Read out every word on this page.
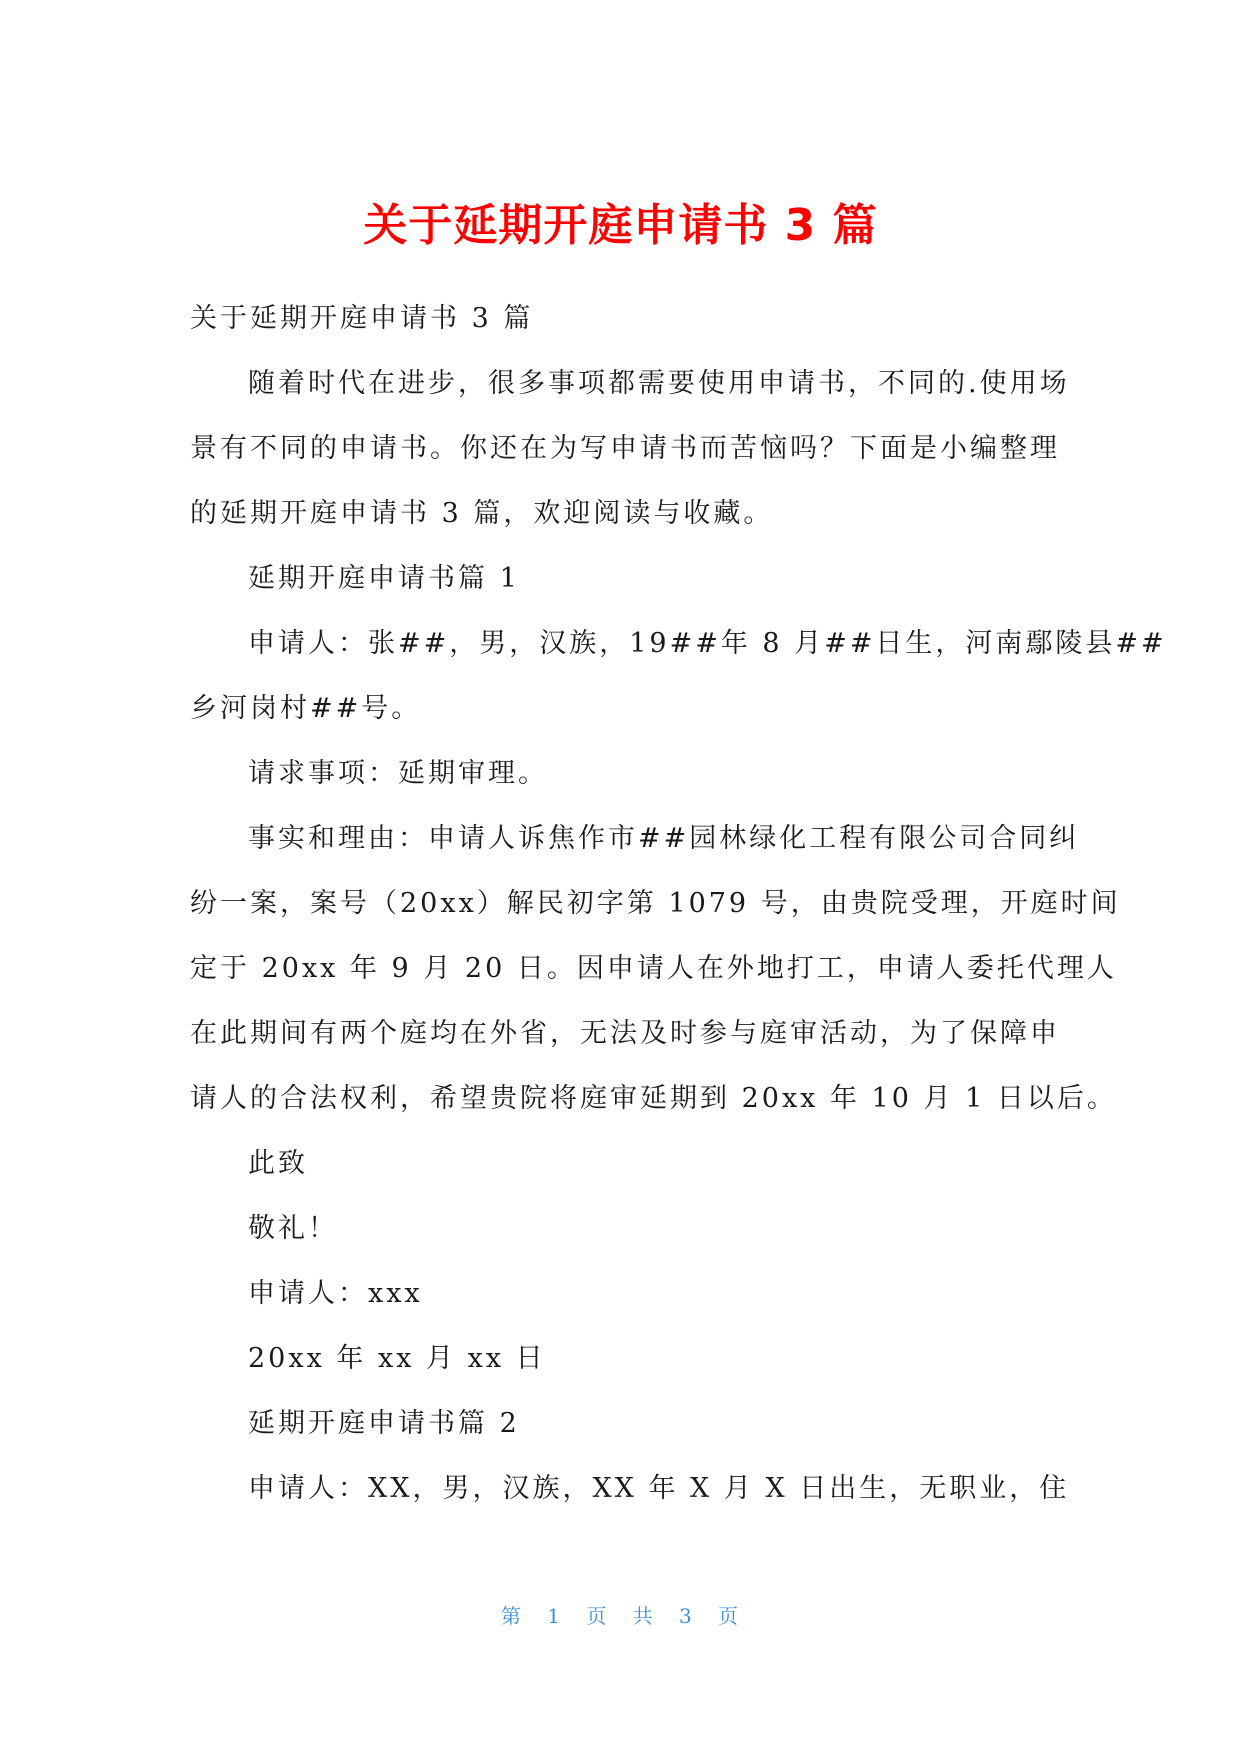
关于延期开庭申请书 3 篇
关于延期开庭申请书 3 篇
随着时代在进步，很多事项都需要使用申请书，不同的.使用场
景有不同的申请书。你还在为写申请书而苦恼吗？下面是小编整理
的延期开庭申请书 3 篇，欢迎阅读与收藏。
延期开庭申请书篇 1
申请人：张##，男，汉族，19##年 8 月##日生，河南鄢陵县##
乡河岗村##号。
请求事项：延期审理。
事实和理由：申请人诉焦作市##园林绿化工程有限公司合同纠
纷一案，案号（20xx）解民初字第 1079 号，由贵院受理，开庭时间
定于 20xx 年 9 月 20 日。因申请人在外地打工，申请人委托代理人
在此期间有两个庭均在外省，无法及时参与庭审活动，为了保障申
请人的合法权利，希望贵院将庭审延期到 20xx 年 10 月 1 日以后。
此致
敬礼！
申请人：xxx
20xx 年 xx 月 xx 日
延期开庭申请书篇 2
申请人：XX，男，汉族，XX 年 X 月 X 日出生，无职业，住
第 1 页 共 3 页
